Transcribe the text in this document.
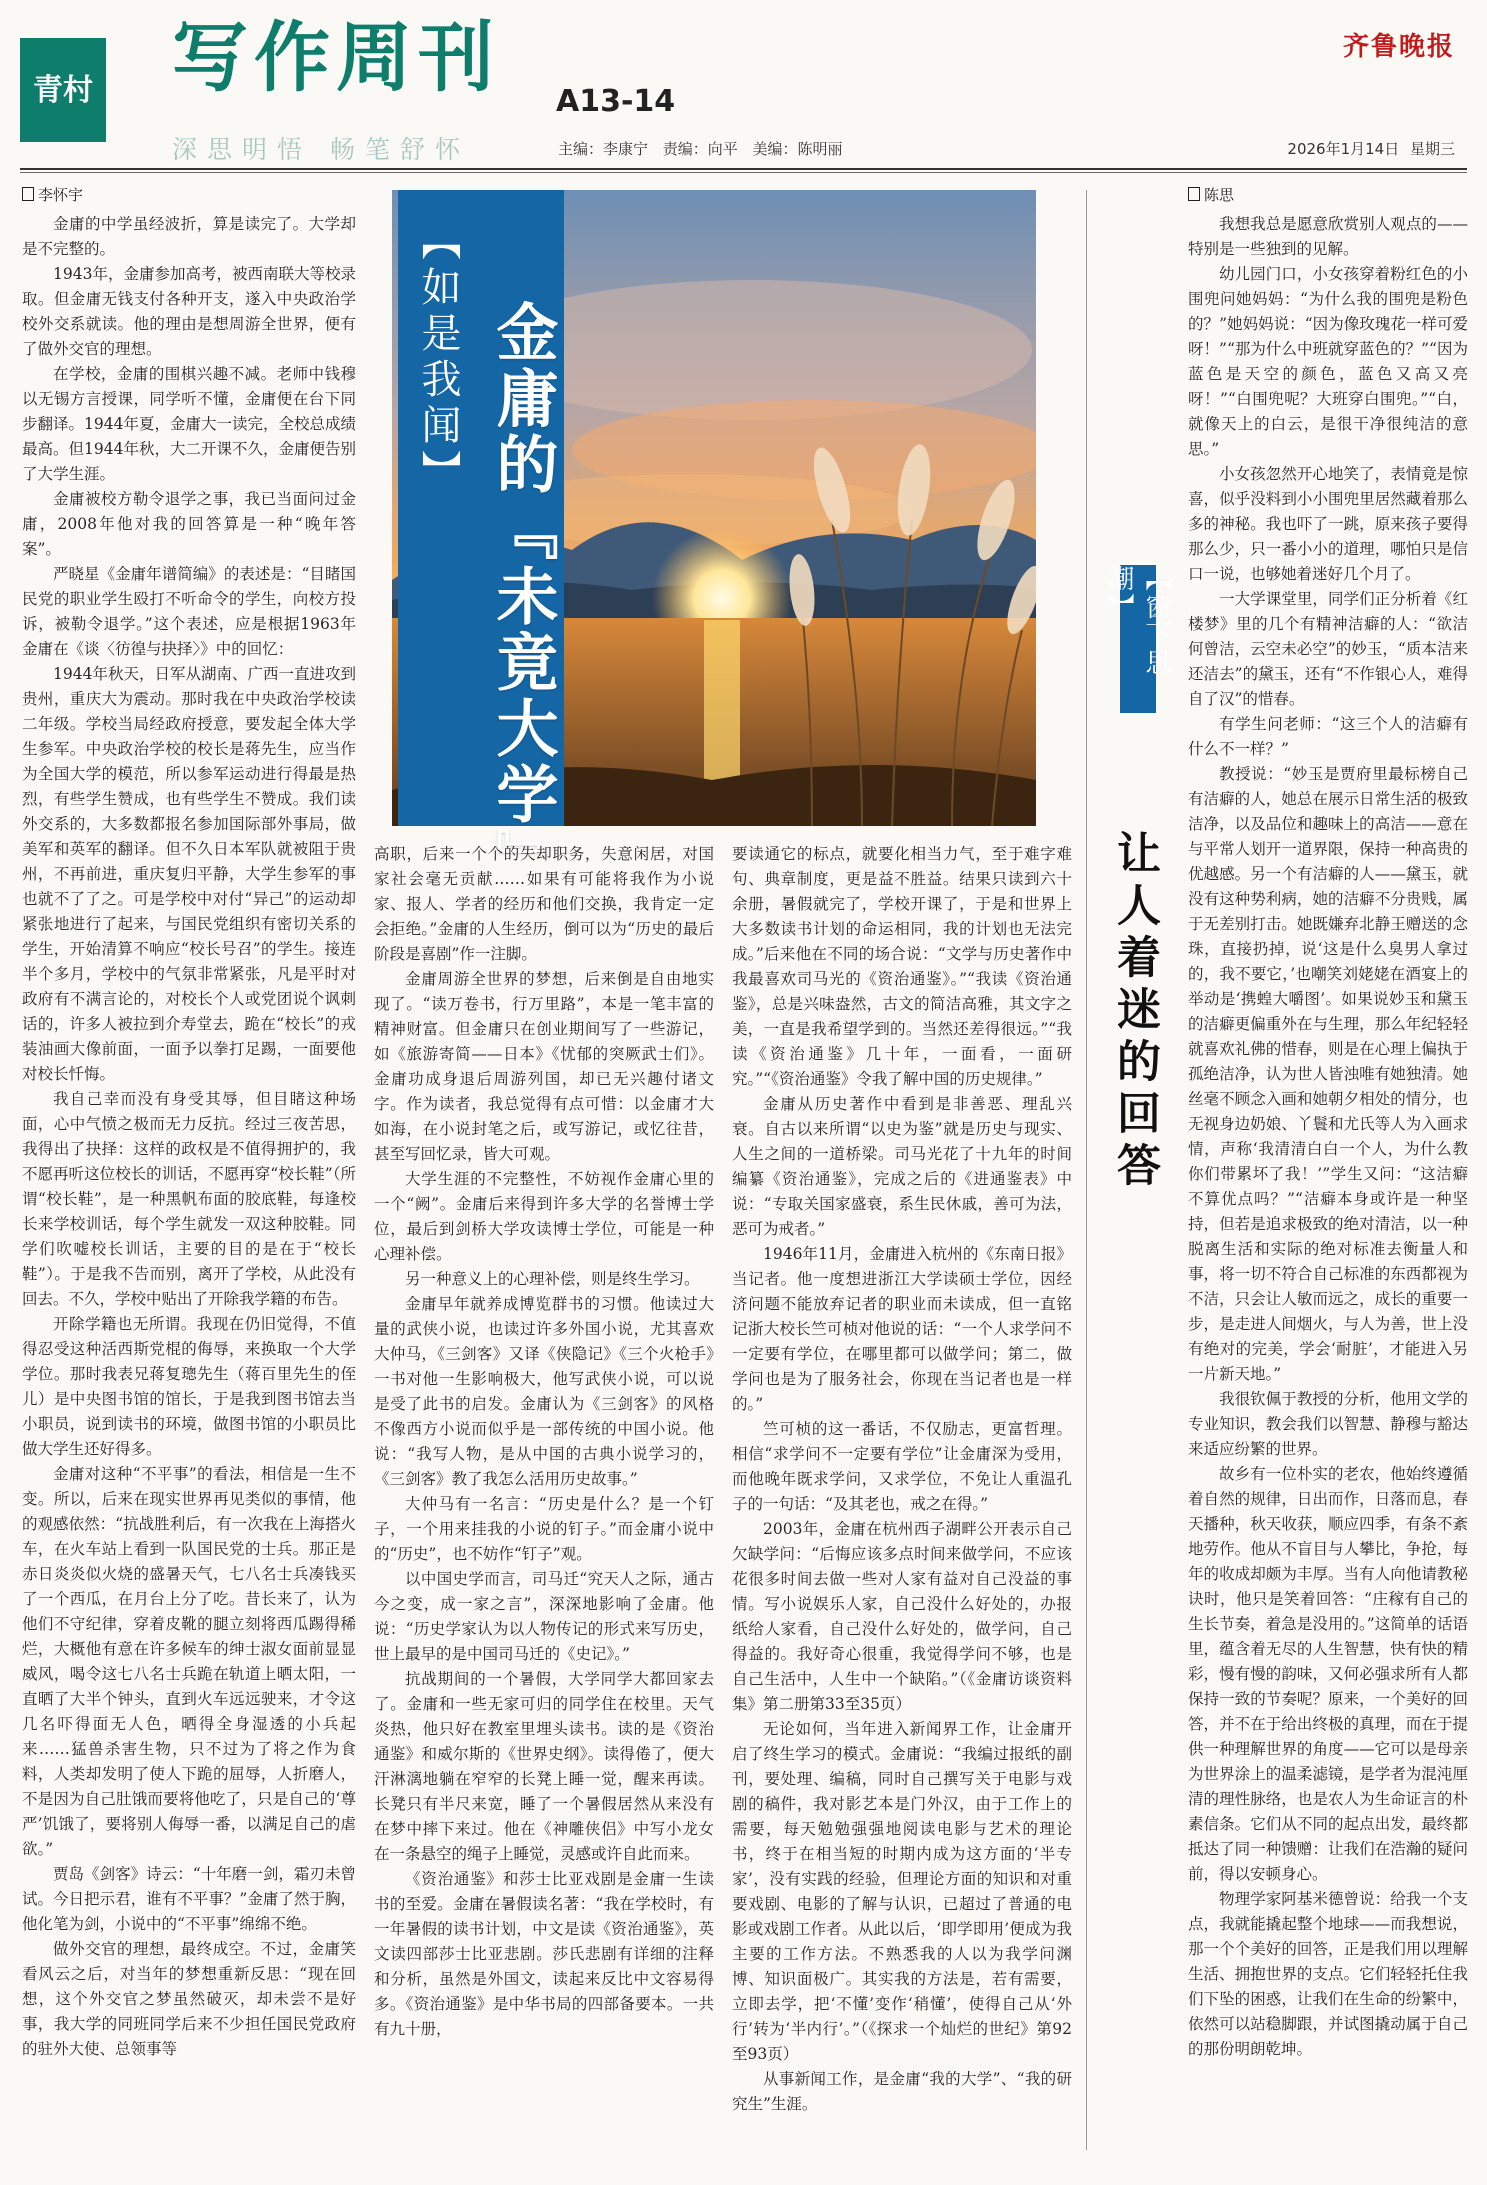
青村 写作周刊 A13-14
深思明悟 畅笔舒怀	主编：李康宁 责编：向平 美编：陈明丽
齐鲁晚报
2026年1月14日 星期三
李怀宇
【如是我闻】 金庸的『未竟大学』

金庸的中学虽经波折，算是读完了。大学却是不完整的。

1943年，金庸参加高考，被西南联大等校录取。但金庸无钱支付各种开支，遂入中央政治学校外交系就读。他的理由是想周游全世界，便有了做外交官的理想。

在学校，金庸的围棋兴趣不减。老师中钱穆以无锡方言授课，同学听不懂，金庸便在台下同步翻译。1944年夏，金庸大一读完，全校总成绩最高。但1944年秋，大二开课不久，金庸便告别了大学生涯。

金庸被校方勒令退学之事，我已当面问过金庸，2008年他对我的回答算是一种“晚年答案”。

严晓星《金庸年谱简编》的表述是：“目睹国民党的职业学生殴打不听命令的学生，向校方投诉，被勒令退学。”这个表述，应是根据1963年金庸在《谈〈彷徨与抉择〉》中的回忆：

1944年秋天，日军从湖南、广西一直进攻到贵州，重庆大为震动。那时我在中央政治学校读二年级。学校当局经政府授意，要发起全体大学生参军。中央政治学校的校长是蒋先生，应当作为全国大学的模范，所以参军运动进行得最是热烈，有些学生赞成，也有些学生不赞成。我们读外交系的，大多数都报名参加国际部外事局，做美军和英军的翻译。但不久日本军队就被阻于贵州，不再前进，重庆复归平静，大学生参军的事也就不了了之。可是学校中对付“异己”的运动却紧张地进行了起来，与国民党组织有密切关系的学生，开始清算不响应“校长号召”的学生。接连半个多月，学校中的气氛非常紧张，凡是平时对政府有不满言论的，对校长个人或党团说个讽刺话的，许多人被拉到介寿堂去，跪在“校长”的戎装油画大像前面，一面予以拳打足踢，一面要他对校长忏悔。

我自己幸而没有身受其辱，但目睹这种场面，心中气愤之极而无力反抗。经过三夜苦思，我得出了抉择：这样的政权是不值得拥护的，我不愿再听这位校长的训话，不愿再穿“校长鞋”（所谓“校长鞋”，是一种黑帆布面的胶底鞋，每逢校长来学校训话，每个学生就发一双这种胶鞋。同学们吹嘘校长训话，主要的目的是在于“校长鞋”）。于是我不告而别，离开了学校，从此没有回去。不久，学校中贴出了开除我学籍的布告。

开除学籍也无所谓。我现在仍旧觉得，不值得忍受这种活西斯党棍的侮辱，来换取一个大学学位。那时我表兄蒋复璁先生（蒋百里先生的侄儿）是中央图书馆的馆长，于是我到图书馆去当小职员，说到读书的环境，做图书馆的小职员比做大学生还好得多。

金庸对这种“不平事”的看法，相信是一生不变。所以，后来在现实世界再见类似的事情，他的观感依然：“抗战胜利后，有一次我在上海搭火车，在火车站上看到一队国民党的士兵。那正是赤日炎炎似火烧的盛暑天气，七八名士兵凑钱买了一个西瓜，在月台上分了吃。昔长来了，认为他们不守纪律，穿着皮靴的腿立刻将西瓜踢得稀烂，大概他有意在许多候车的绅士淑女面前显显威风，喝令这七八名士兵跪在轨道上晒太阳，一直晒了大半个钟头，直到火车远远驶来，才令这几名吓得面无人色，晒得全身湿透的小兵起来……猛兽杀害生物，只不过为了将之作为食料，人类却发明了使人下跪的屈辱，人折磨人，不是因为自己肚饿而要将他吃了，只是自己的‘尊严’饥饿了，要将别人侮辱一番，以满足自己的虐欲。”

贾岛《剑客》诗云：“十年磨一剑，霜刃未曾试。今日把示君，谁有不平事？”金庸了然于胸，他化笔为剑，小说中的“不平事”绵绵不绝。

做外交官的理想，最终成空。不过，金庸笑看风云之后，对当年的梦想重新反思：“现在回想，这个外交官之梦虽然破灭，却未尝不是好事，我大学的同班同学后来不少担任国民党政府的驻外大使、总领事等

高职，后来一个个的失却职务，失意闲居，对国家社会毫无贡献……如果有可能将我作为小说家、报人、学者的经历和他们交换，我肯定一定会拒绝。”金庸的人生经历，倒可以为“历史的最后阶段是喜剧”作一注脚。

金庸周游全世界的梦想，后来倒是自由地实现了。“读万卷书，行万里路”，本是一笔丰富的精神财富。但金庸只在创业期间写了一些游记，如《旅游寄简——日本》《忧郁的突厥武士们》。金庸功成身退后周游列国，却已无兴趣付诸文字。作为读者，我总觉得有点可惜：以金庸才大如海，在小说封笔之后，或写游记，或忆往昔，甚至写回忆录，皆大可观。

大学生涯的不完整性，不妨视作金庸心里的一个“阙”。金庸后来得到许多大学的名誉博士学位，最后到剑桥大学攻读博士学位，可能是一种心理补偿。

另一种意义上的心理补偿，则是终生学习。

金庸早年就养成博览群书的习惯。他读过大量的武侠小说，也读过许多外国小说，尤其喜欢大仲马，《三剑客》又译《侠隐记》《三个火枪手》一书对他一生影响极大，他写武侠小说，可以说是受了此书的启发。金庸认为《三剑客》的风格不像西方小说而似乎是一部传统的中国小说。他说：“我写人物，是从中国的古典小说学习的，《三剑客》教了我怎么活用历史故事。”

大仲马有一名言：“历史是什么？是一个钉子，一个用来挂我的小说的钉子。”而金庸小说中的“历史”，也不妨作“钉子”观。

以中国史学而言，司马迁“究天人之际，通古今之变，成一家之言”，深深地影响了金庸。他说：“历史学家认为以人物传记的形式来写历史，世上最早的是中国司马迁的《史记》。”

抗战期间的一个暑假，大学同学大都回家去了。金庸和一些无家可归的同学住在校里。天气炎热，他只好在教室里埋头读书。读的是《资治通鉴》和威尔斯的《世界史纲》。读得倦了，便大汗淋漓地躺在窄窄的长凳上睡一觉，醒来再读。长凳只有半尺来宽，睡了一个暑假居然从来没有在梦中摔下来过。他在《神雕侠侣》中写小龙女在一条悬空的绳子上睡觉，灵感或许自此而来。

《资治通鉴》和莎士比亚戏剧是金庸一生读书的至爱。金庸在暑假读名著：“我在学校时，有一年暑假的读书计划，中文是读《资治通鉴》，英文读四部莎士比亚悲剧。莎氏悲剧有详细的注释和分析，虽然是外国文，读起来反比中文容易得多。《资治通鉴》是中华书局的四部备要本。一共有九十册，

要读通它的标点，就要化相当力气，至于难字难句、典章制度，更是益不胜益。结果只读到六十余册，暑假就完了，学校开课了，于是和世界上大多数读书计划的命运相同，我的计划也无法完成。”后来他在不同的场合说：“文学与历史著作中我最喜欢司马光的《资治通鉴》。”“我读《资治通鉴》，总是兴味盎然，古文的简洁高雅，其文字之美，一直是我希望学到的。当然还差得很远。”“我读《资治通鉴》几十年，一面看，一面研究。”“《资治通鉴》令我了解中国的历史规律。”

金庸从历史著作中看到是非善恶、理乱兴衰。自古以来所谓“以史为鉴”就是历史与现实、人生之间的一道桥梁。司马光花了十九年的时间编纂《资治通鉴》，完成之后的《进通鉴表》中说：“专取关国家盛衰，系生民休戚，善可为法，恶可为戒者。”

1946年11月，金庸进入杭州的《东南日报》当记者。他一度想进浙江大学读硕士学位，因经济问题不能放弃记者的职业而未读成，但一直铭记浙大校长竺可桢对他说的话：“一个人求学问不一定要有学位，在哪里都可以做学问；第二，做学问也是为了服务社会，你现在当记者也是一样的。”

竺可桢的这一番话，不仅励志，更富哲理。相信“求学问不一定要有学位”让金庸深为受用，而他晚年既求学问，又求学位，不免让人重温孔子的一句话：“及其老也，戒之在得。”

2003年，金庸在杭州西子湖畔公开表示自己欠缺学问：“后悔应该多点时间来做学问，不应该花很多时间去做一些对人家有益对自己没益的事情。写小说娱乐人家，自己没什么好处的，办报纸给人家看，自己没什么好处的，做学问，自己得益的。我好奇心很重，我觉得学问不够，也是自己生活中，人生中一个缺陷。”（《金庸访谈资料集》第二册第33至35页）

无论如何，当年进入新闻界工作，让金庸开启了终生学习的模式。金庸说：“我编过报纸的副刊，要处理、编稿，同时自己撰写关于电影与戏剧的稿件，我对影艺本是门外汉，由于工作上的需要，每天勉勉强强地阅读电影与艺术的理论书，终于在相当短的时期内成为这方面的‘半专家’，没有实践的经验，但理论方面的知识和对重要戏剧、电影的了解与认识，已超过了普通的电影或戏剧工作者。从此以后，‘即学即用’便成为我主要的工作方法。不熟悉我的人以为我学问渊博、知识面极广。其实我的方法是，若有需要，立即去学，把‘不懂’变作‘稍懂’，使得自己从‘外行’转为‘半内行’。”（《探求一个灿烂的世纪》第92至93页）

从事新闻工作，是金庸“我的大学”、“我的研究生”生涯。

陈思
【窗下思潮】
让人着迷的回答

我想我总是愿意欣赏别人观点的——特别是一些独到的见解。

幼儿园门口，小女孩穿着粉红色的小围兜问她妈妈：“为什么我的围兜是粉色的？”她妈妈说：“因为像玫瑰花一样可爱呀！”“那为什么中班就穿蓝色的？”“因为蓝色是天空的颜色，蓝色又高又亮呀！”“白围兜呢？大班穿白围兜。”“白，就像天上的白云，是很干净很纯洁的意思。”

小女孩忽然开心地笑了，表情竟是惊喜，似乎没料到小小围兜里居然藏着那么多的神秘。我也吓了一跳，原来孩子要得那么少，只一番小小的道理，哪怕只是信口一说，也够她着迷好几个月了。

一大学课堂里，同学们正分析着《红楼梦》里的几个有精神洁癖的人：“欲洁何曾洁，云空未必空”的妙玉，“质本洁来还洁去”的黛玉，还有“不作银心人，难得自了汉”的惜春。

有学生问老师：“这三个人的洁癖有什么不一样？”

教授说：“妙玉是贾府里最标榜自己有洁癖的人，她总在展示日常生活的极致洁净，以及品位和趣味上的高洁——意在与平常人划开一道界限，保持一种高贵的优越感。另一个有洁癖的人——黛玉，就没有这种势利病，她的洁癖不分贵贱，属于无差别打击。她既嫌弃北静王赠送的念珠，直接扔掉，说‘这是什么臭男人拿过的，我不要它，’也嘲笑刘姥姥在酒宴上的举动是‘携蝗大嚼图’。如果说妙玉和黛玉的洁癖更偏重外在与生理，那么年纪轻轻就喜欢礼佛的惜春，则是在心理上偏执于孤绝洁净，认为世人皆浊唯有她独清。她丝毫不顾念入画和她朝夕相处的情分，也无视身边奶娘、丫鬟和尤氏等人为入画求情，声称‘我清清白白一个人，为什么教你们带累坏了我！’”学生又问：“这洁癖不算优点吗？”“洁癖本身或许是一种坚持，但若是追求极致的绝对清洁，以一种脱离生活和实际的绝对标准去衡量人和事，将一切不符合自己标准的东西都视为不洁，只会让人敏而远之，成长的重要一步，是走进人间烟火，与人为善，世上没有绝对的完美，学会‘耐脏’，才能进入另一片新天地。”

我很钦佩于教授的分析，他用文学的专业知识，教会我们以智慧、静穆与豁达来适应纷繁的世界。

故乡有一位朴实的老农，他始终遵循着自然的规律，日出而作，日落而息，春天播种，秋天收获，顺应四季，有条不紊地劳作。他从不盲目与人攀比，争抢，每年的收成却颇为丰厚。当有人向他请教秘诀时，他只是笑着回答：“庄稼有自己的生长节奏，着急是没用的。”这简单的话语里，蕴含着无尽的人生智慧，快有快的精彩，慢有慢的韵味，又何必强求所有人都保持一致的节奏呢？原来，一个美好的回答，并不在于给出终极的真理，而在于提供一种理解世界的角度——它可以是母亲为世界涂上的温柔滤镜，是学者为混沌厘清的理性脉络，也是农人为生命证言的朴素信条。它们从不同的起点出发，最终都抵达了同一种馈赠：让我们在浩瀚的疑问前，得以安顿身心。

物理学家阿基米德曾说：给我一个支点，我就能撬起整个地球——而我想说，那一个个美好的回答，正是我们用以理解生活、拥抱世界的支点。它们轻轻托住我们下坠的困惑，让我们在生命的纷繁中，依然可以站稳脚跟，并试图撬动属于自己的那份明朗乾坤。
